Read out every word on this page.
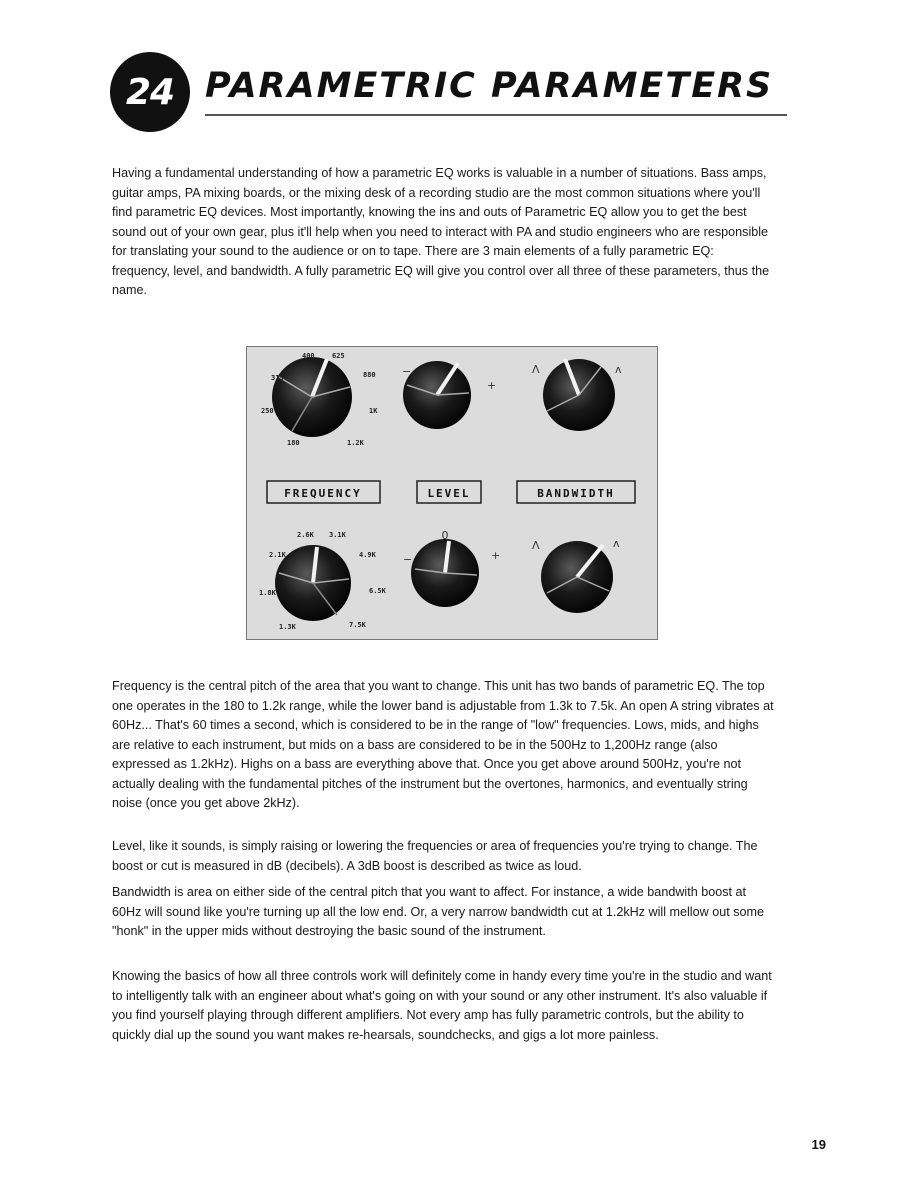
24 PARAMETRIC PARAMETERS

Having a fundamental understanding of how a parametric EQ works is valuable in a number of situations. Bass amps, guitar amps, PA mixing boards, or the mixing desk of a recording studio are the most common situations where you'll find parametric EQ devices. Most importantly, knowing the ins and outs of Parametric EQ allow you to get the best sound out of your own gear, plus it'll help when you need to interact with PA and studio engineers who are responsible for translating your sound to the audience or on to tape. There are 3 main elements of a fully parametric EQ: frequency, level, and bandwidth. A fully parametric EQ will give you control over all three of these parameters, thus the name.

180
250
315
400 625
880
1K
1.2K
−
+
Λ	ʌ
FREQUENCY	LEVEL	BANDWIDTH
1.3K
1.8K
2.1K
2.6K 3.1K
4.9K
6.5K
7.5K
0
−	+
Λ	ʌ

Frequency is the central pitch of the area that you want to change. This unit has two bands of parametric EQ. The top one operates in the 180 to 1.2k range, while the lower band is adjustable from 1.3k to 7.5k. An open A string vibrates at 60Hz... That's 60 times a second, which is considered to be in the range of "low" frequencies. Lows, mids, and highs are relative to each instrument, but mids on a bass are considered to be in the 500Hz to 1,200Hz range (also expressed as 1.2kHz). Highs on a bass are everything above that. Once you get above around 500Hz, you're not actually dealing with the fundamental pitches of the instrument but the overtones, harmonics, and eventually string noise (once you get above 2kHz).

Level, like it sounds, is simply raising or lowering the frequencies or area of frequencies you're trying to change. The boost or cut is measured in dB (decibels). A 3dB boost is described as twice as loud.

Bandwidth is area on either side of the central pitch that you want to affect. For instance, a wide bandwith boost at 60Hz will sound like you're turning up all the low end. Or, a very narrow bandwidth cut at 1.2kHz will mellow out some "honk" in the upper mids without destroying the basic sound of the instrument.

Knowing the basics of how all three controls work will definitely come in handy every time you're in the studio and want to intelligently talk with an engineer about what's going on with your sound or any other instrument. It's also valuable if you find yourself playing through different amplifiers. Not every amp has fully parametric controls, but the ability to quickly dial up the sound you want makes re-hearsals, soundchecks, and gigs a lot more painless.

19
